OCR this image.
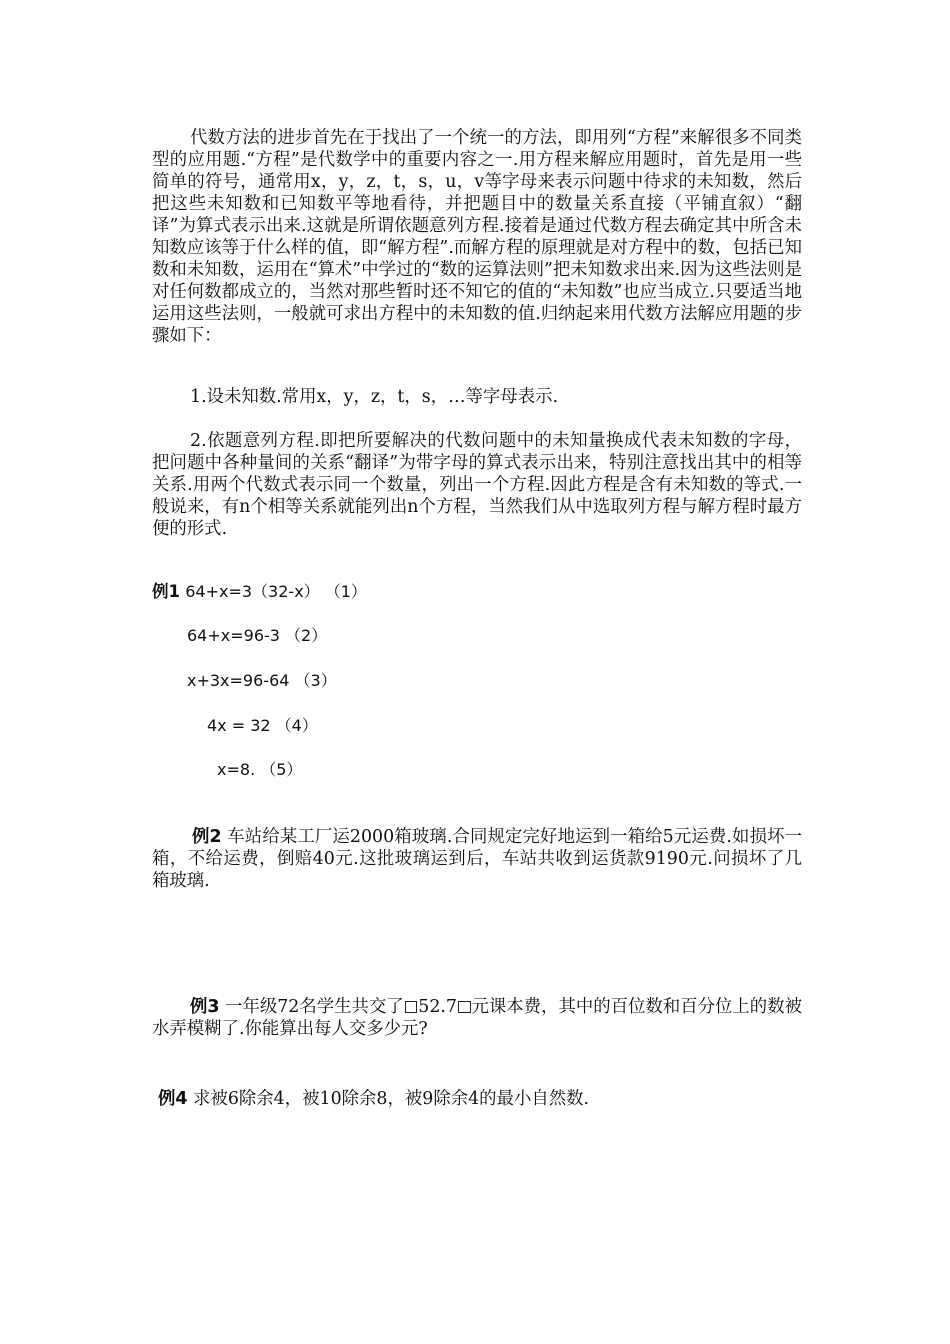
代数方法的进步首先在于找出了一个统一的方法，即用列“方程”来解很多不同类型的应用题.“方程”是代数学中的重要内容之一.用方程来解应用题时，首先是用一些简单的符号，通常用x，y，z，t，s，u，v等字母来表示问题中待求的未知数，然后把这些未知数和已知数平等地看待，并把题目中的数量关系直接（平铺直叙）“翻译”为算式表示出来.这就是所谓依题意列方程.接着是通过代数方程去确定其中所含未知数应该等于什么样的值，即“解方程”.而解方程的原理就是对方程中的数，包括已知数和未知数，运用在“算术”中学过的“数的运算法则”把未知数求出来.因为这些法则是对任何数都成立的，当然对那些暂时还不知它的值的“未知数”也应当成立.只要适当地运用这些法则，一般就可求出方程中的未知数的值.归纳起来用代数方法解应用题的步骤如下：

1.设未知数.常用x，y，z，t，s，…等字母表示.

2.依题意列方程.即把所要解决的代数问题中的未知量换成代表未知数的字母，把问题中各种量间的关系“翻译”为带字母的算式表示出来，特别注意找出其中的相等关系.用两个代数式表示同一个数量，列出一个方程.因此方程是含有未知数的等式.一般说来，有n个相等关系就能列出n个方程，当然我们从中选取列方程与解方程时最方便的形式.

例1 64+x=3（32-x） （1）
64+x=96-3 （2）
x+3x=96-64 （3）
4x = 32 （4）
x=8. （5）

例2 车站给某工厂运2000箱玻璃.合同规定完好地运到一箱给5元运费.如损坏一箱，不给运费，倒赔40元.这批玻璃运到后，车站共收到运货款9190元.问损坏了几箱玻璃.

例3 一年级72名学生共交了 52.7 元课本费，其中的百位数和百分位上的数被水弄模糊了.你能算出每人交多少元?

例4 求被6除余4，被10除余8，被9除余4的最小自然数.
